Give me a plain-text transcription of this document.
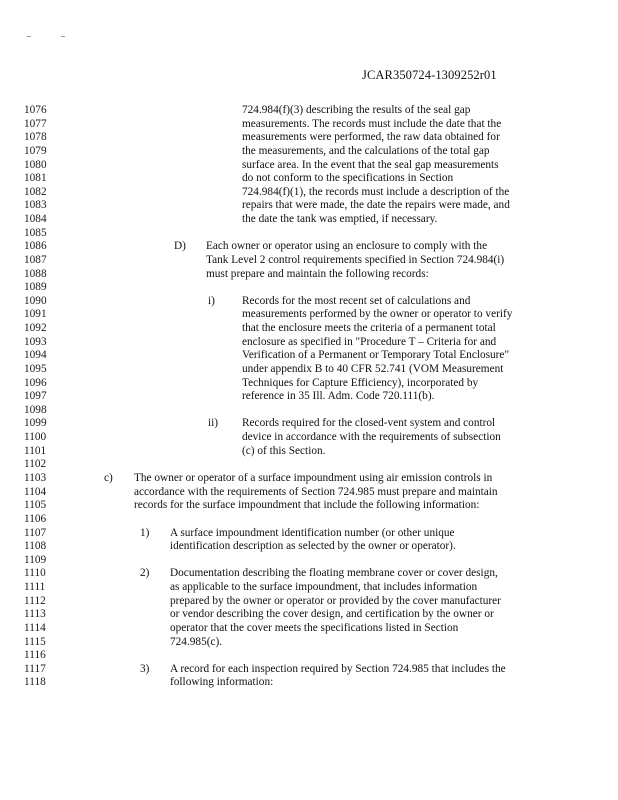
JCAR350724-1309252r01
1076	724.984(f)(3) describing the results of the seal gap
1077	measurements. The records must include the date that the
1078	measurements were performed, the raw data obtained for
1079	the measurements, and the calculations of the total gap
1080	surface area. In the event that the seal gap measurements
1081	do not conform to the specifications in Section
1082	724.984(f)(1), the records must include a description of the
1083	repairs that were made, the date the repairs were made, and
1084	the date the tank was emptied, if necessary.
1085
1086	D) Each owner or operator using an enclosure to comply with the
1087	Tank Level 2 control requirements specified in Section 724.984(i)
1088	must prepare and maintain the following records:
1089
1090	i) Records for the most recent set of calculations and
1091	measurements performed by the owner or operator to verify
1092	that the enclosure meets the criteria of a permanent total
1093	enclosure as specified in "Procedure T – Criteria for and
1094	Verification of a Permanent or Temporary Total Enclosure"
1095	under appendix B to 40 CFR 52.741 (VOM Measurement
1096	Techniques for Capture Efficiency), incorporated by
1097	reference in 35 Ill. Adm. Code 720.111(b).
1098
1099	ii) Records required for the closed-vent system and control
1100	device in accordance with the requirements of subsection
1101	(c) of this Section.
1102
1103	c) The owner or operator of a surface impoundment using air emission controls in
1104	accordance with the requirements of Section 724.985 must prepare and maintain
1105	records for the surface impoundment that include the following information:
1106
1107	1) A surface impoundment identification number (or other unique
1108	identification description as selected by the owner or operator).
1109
1110	2) Documentation describing the floating membrane cover or cover design,
1111	as applicable to the surface impoundment, that includes information
1112	prepared by the owner or operator or provided by the cover manufacturer
1113	or vendor describing the cover design, and certification by the owner or
1114	operator that the cover meets the specifications listed in Section
1115	724.985(c).
1116
1117	3) A record for each inspection required by Section 724.985 that includes the
1118	following information:
